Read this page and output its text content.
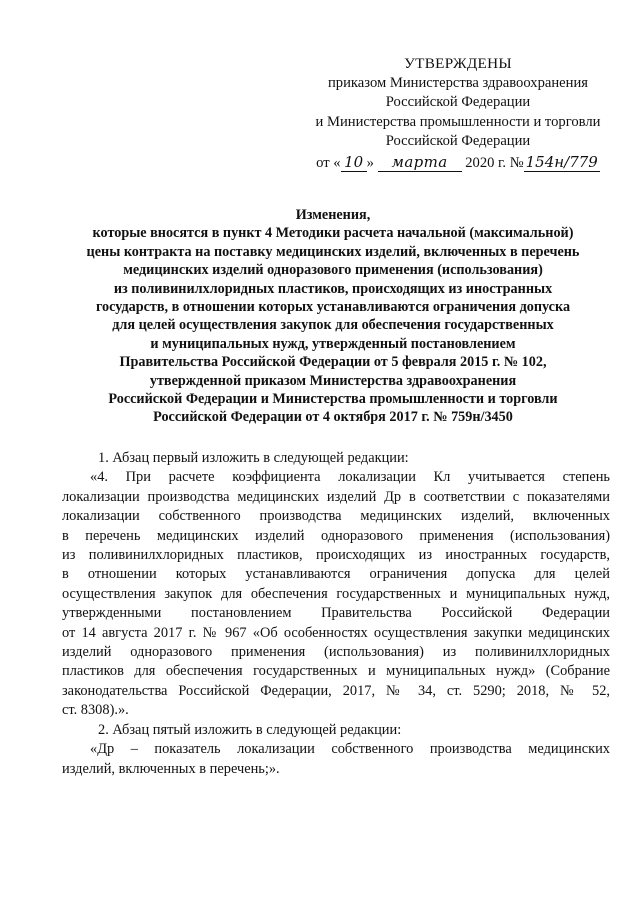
УТВЕРЖДЕНЫ
приказом Министерства здравоохранения
Российской Федерации
и Министерства промышленности и торговли
Российской Федерации
от « 10 » марта 2020 г. № 154н/779
Изменения,
которые вносятся в пункт 4 Методики расчета начальной (максимальной)
цены контракта на поставку медицинских изделий, включенных в перечень
медицинских изделий одноразового применения (использования)
из поливинилхлоридных пластиков, происходящих из иностранных
государств, в отношении которых устанавливаются ограничения допуска
для целей осуществления закупок для обеспечения государственных
и муниципальных нужд, утвержденный постановлением
Правительства Российской Федерации от 5 февраля 2015 г. № 102,
утвержденной приказом Министерства здравоохранения
Российской Федерации и Министерства промышленности и торговли
Российской Федерации от 4 октября 2017 г. № 759н/3450
1. Абзац первый изложить в следующей редакции:
«4. При расчете коэффициента локализации Кл учитывается степень
локализации производства медицинских изделий Др в соответствии с показателями
локализации собственного производства медицинских изделий, включенных
в перечень медицинских изделий одноразового применения (использования)
из поливинилхлоридных пластиков, происходящих из иностранных государств,
в отношении которых устанавливаются ограничения допуска для целей
осуществления закупок для обеспечения государственных и муниципальных нужд,
утвержденными постановлением Правительства Российской Федерации
от 14 августа 2017 г. № 967 «Об особенностях осуществления закупки медицинских
изделий одноразового применения (использования) из поливинилхлоридных
пластиков для обеспечения государственных и муниципальных нужд» (Собрание
законодательства Российской Федерации, 2017, № 34, ст. 5290; 2018, № 52,
ст. 8308).».
2. Абзац пятый изложить в следующей редакции:
«Др – показатель локализации собственного производства медицинских
изделий, включенных в перечень;».
